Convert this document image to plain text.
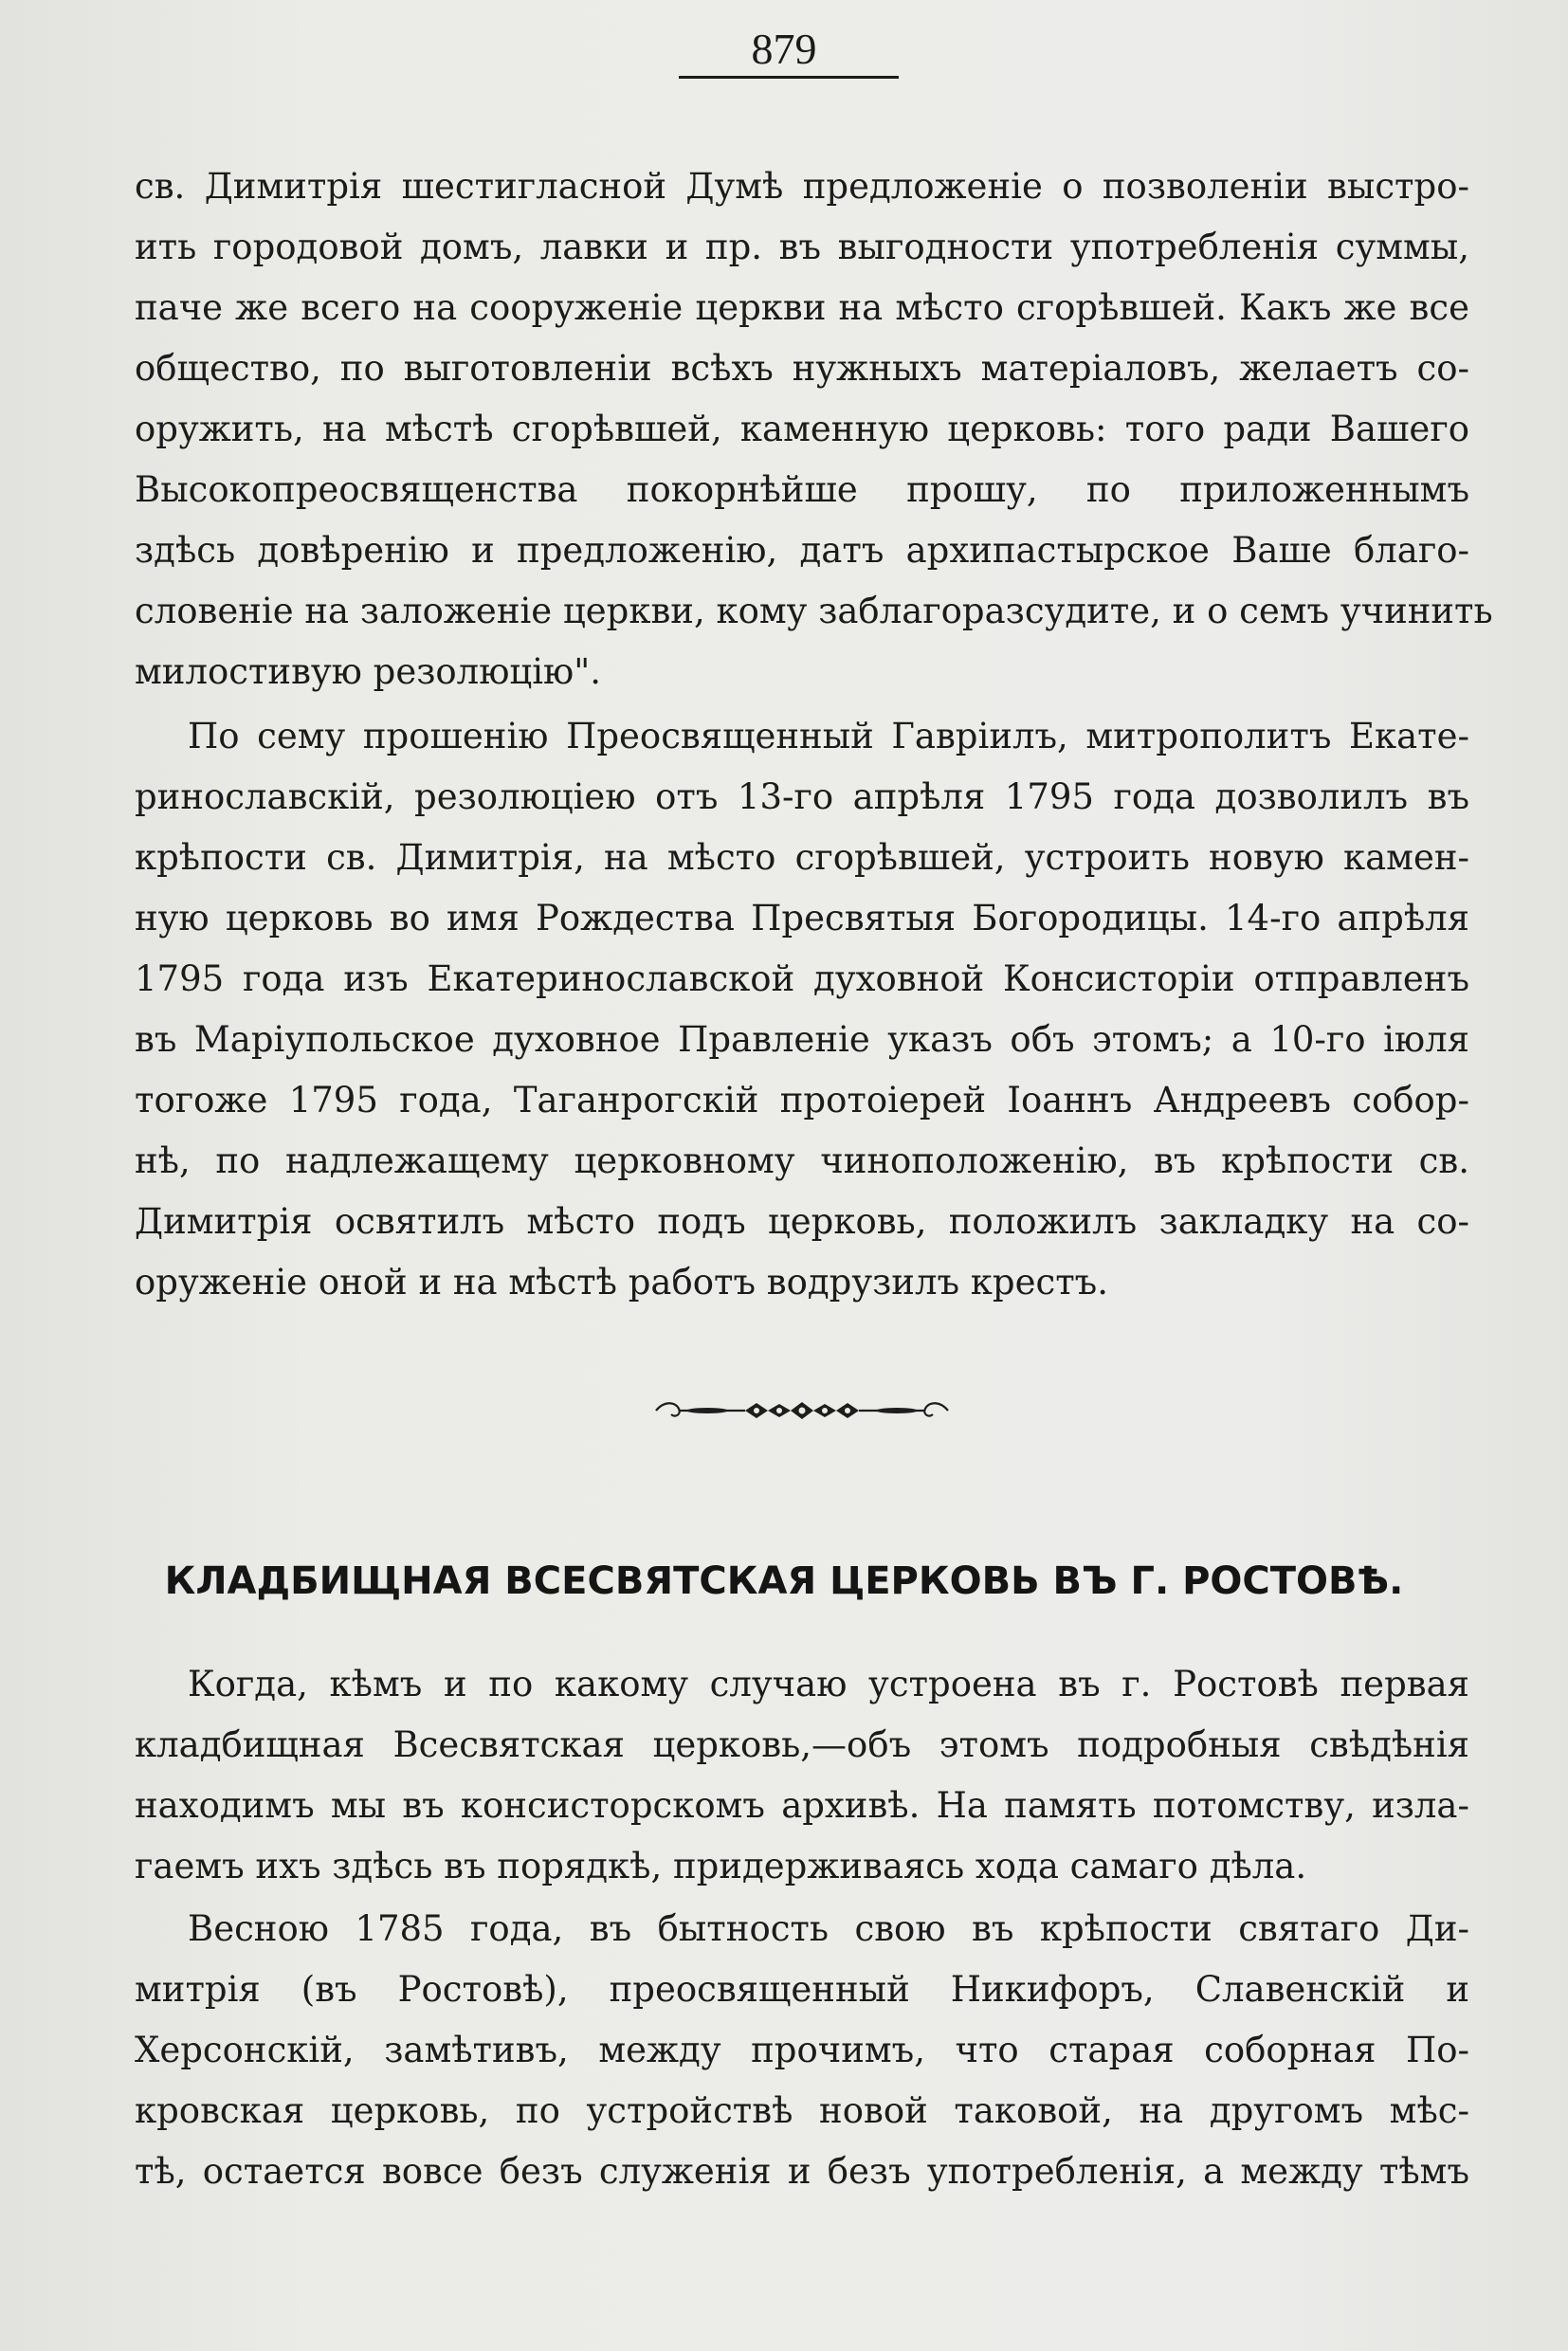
879
св. Димитрія шестигласной Думѣ предложеніе о позволеніи выстро-
ить городовой домъ, лавки и пр. въ выгодности употребленія суммы,
паче же всего на сооруженіе церкви на мѣсто сгорѣвшей. Какъ же все
общество, по выготовленіи всѣхъ нужныхъ матеріаловъ, желаетъ со-
оружить, на мѣстѣ сгорѣвшей, каменную церковь: того ради Вашего
Высокопреосвященства покорнѣйше прошу, по приложеннымъ
здѣсь довѣренію и предложенію, датъ архипастырское Ваше благо-
словеніе на заложеніе церкви, кому заблагоразсудите, и о семъ учинить
милостивую резолюцію".
По сему прошенію Преосвященный Гавріилъ, митрополитъ Екате-
ринославскій, резолюціею отъ 13-го апрѣля 1795 года дозволилъ въ
крѣпости св. Димитрія, на мѣсто сгорѣвшей, устроить новую камен-
ную церковь во имя Рождества Пресвятыя Богородицы. 14-го апрѣля
1795 года изъ Екатеринославской духовной Консисторіи отправленъ
въ Маріупольское духовное Правленіе указъ объ этомъ; а 10-го іюля
тогоже 1795 года, Таганрогскій протоіерей Іоаннъ Андреевъ собор-
нѣ, по надлежащему церковному чиноположенію, въ крѣпости св.
Димитрія освятилъ мѣсто подъ церковь, положилъ закладку на со-
оруженіе оной и на мѣстѣ работъ водрузилъ крестъ.
КЛАДБИЩНАЯ ВСЕСВЯТСКАЯ ЦЕРКОВЬ ВЪ Г. РОСТОВѢ.
Когда, кѣмъ и по какому случаю устроена въ г. Ростовѣ первая
кладбищная Всесвятская церковь,—объ этомъ подробныя свѣдѣнія
находимъ мы въ консисторскомъ архивѣ. На память потомству, изла-
гаемъ ихъ здѣсь въ порядкѣ, придерживаясь хода самаго дѣла.
Весною 1785 года, въ бытность свою въ крѣпости святаго Ди-
митрія (въ Ростовѣ), преосвященный Никифоръ, Славенскій и
Херсонскій, замѣтивъ, между прочимъ, что старая соборная По-
кровская церковь, по устройствѣ новой таковой, на другомъ мѣс-
тѣ, остается вовсе безъ служенія и безъ употребленія, а между тѣмъ
